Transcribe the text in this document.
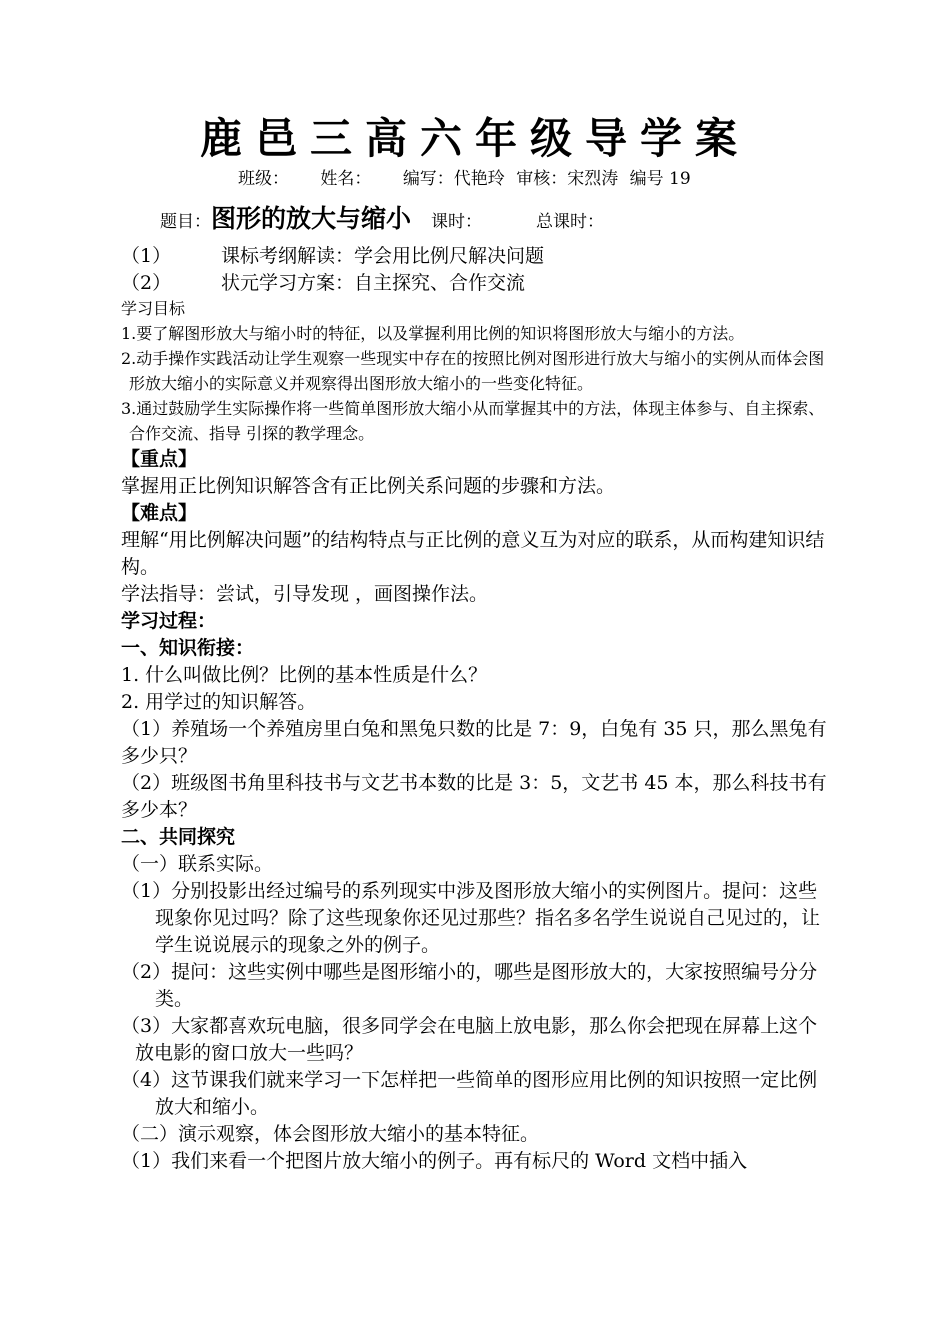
鹿邑三高六年级导学案
班级： 姓名： 编写：代艳玲 审核：宋烈涛 编号 19
题目：图形的放大与缩小 课时：	总课时：

（1）	课标考纲解读：学会用比例尺解决问题

（2）	状元学习方案：自主探究、合作交流

学习目标

1.要了解图形放大与缩小时的特征，以及掌握利用比例的知识将图形放大与缩小的方法。

2.动手操作实践活动让学生观察一些现实中存在的按照比例对图形进行放大与缩小的实例从而体会图形放大缩小的实际意义并观察得出图形放大缩小的一些变化特征。

3.通过鼓励学生实际操作将一些简单图形放大缩小从而掌握其中的方法，体现主体参与、自主探索、合作交流、指导 引探的教学理念。

【重点】

掌握用正比例知识解答含有正比例关系问题的步骤和方法。

【难点】

理解“用比例解决问题”的结构特点与正比例的意义互为对应的联系，从而构建知识结构。

学法指导：尝试，引导发现 ，画图操作法。

学习过程：

一、知识衔接：

1. 什么叫做比例？比例的基本性质是什么？

2. 用学过的知识解答。

（1）养殖场一个养殖房里白兔和黑兔只数的比是 7：9，白兔有 35 只，那么黑兔有多少只？

（2）班级图书角里科技书与文艺书本数的比是 3：5，文艺书 45 本，那么科技书有多少本？

二、共同探究

（一）联系实际。

（1）分别投影出经过编号的系列现实中涉及图形放大缩小的实例图片。提问：这些现象你见过吗？除了这些现象你还见过那些？指名多名学生说说自己见过的，让学生说说展示的现象之外的例子。

（2）提问：这些实例中哪些是图形缩小的，哪些是图形放大的，大家按照编号分分类。

（3）大家都喜欢玩电脑，很多同学会在电脑上放电影，那么你会把现在屏幕上这个放电影的窗口放大一些吗？

（4）这节课我们就来学习一下怎样把一些简单的图形应用比例的知识按照一定比例放大和缩小。

（二）演示观察，体会图形放大缩小的基本特征。

（1）我们来看一个把图片放大缩小的例子。再有标尺的 Word 文档中插入
